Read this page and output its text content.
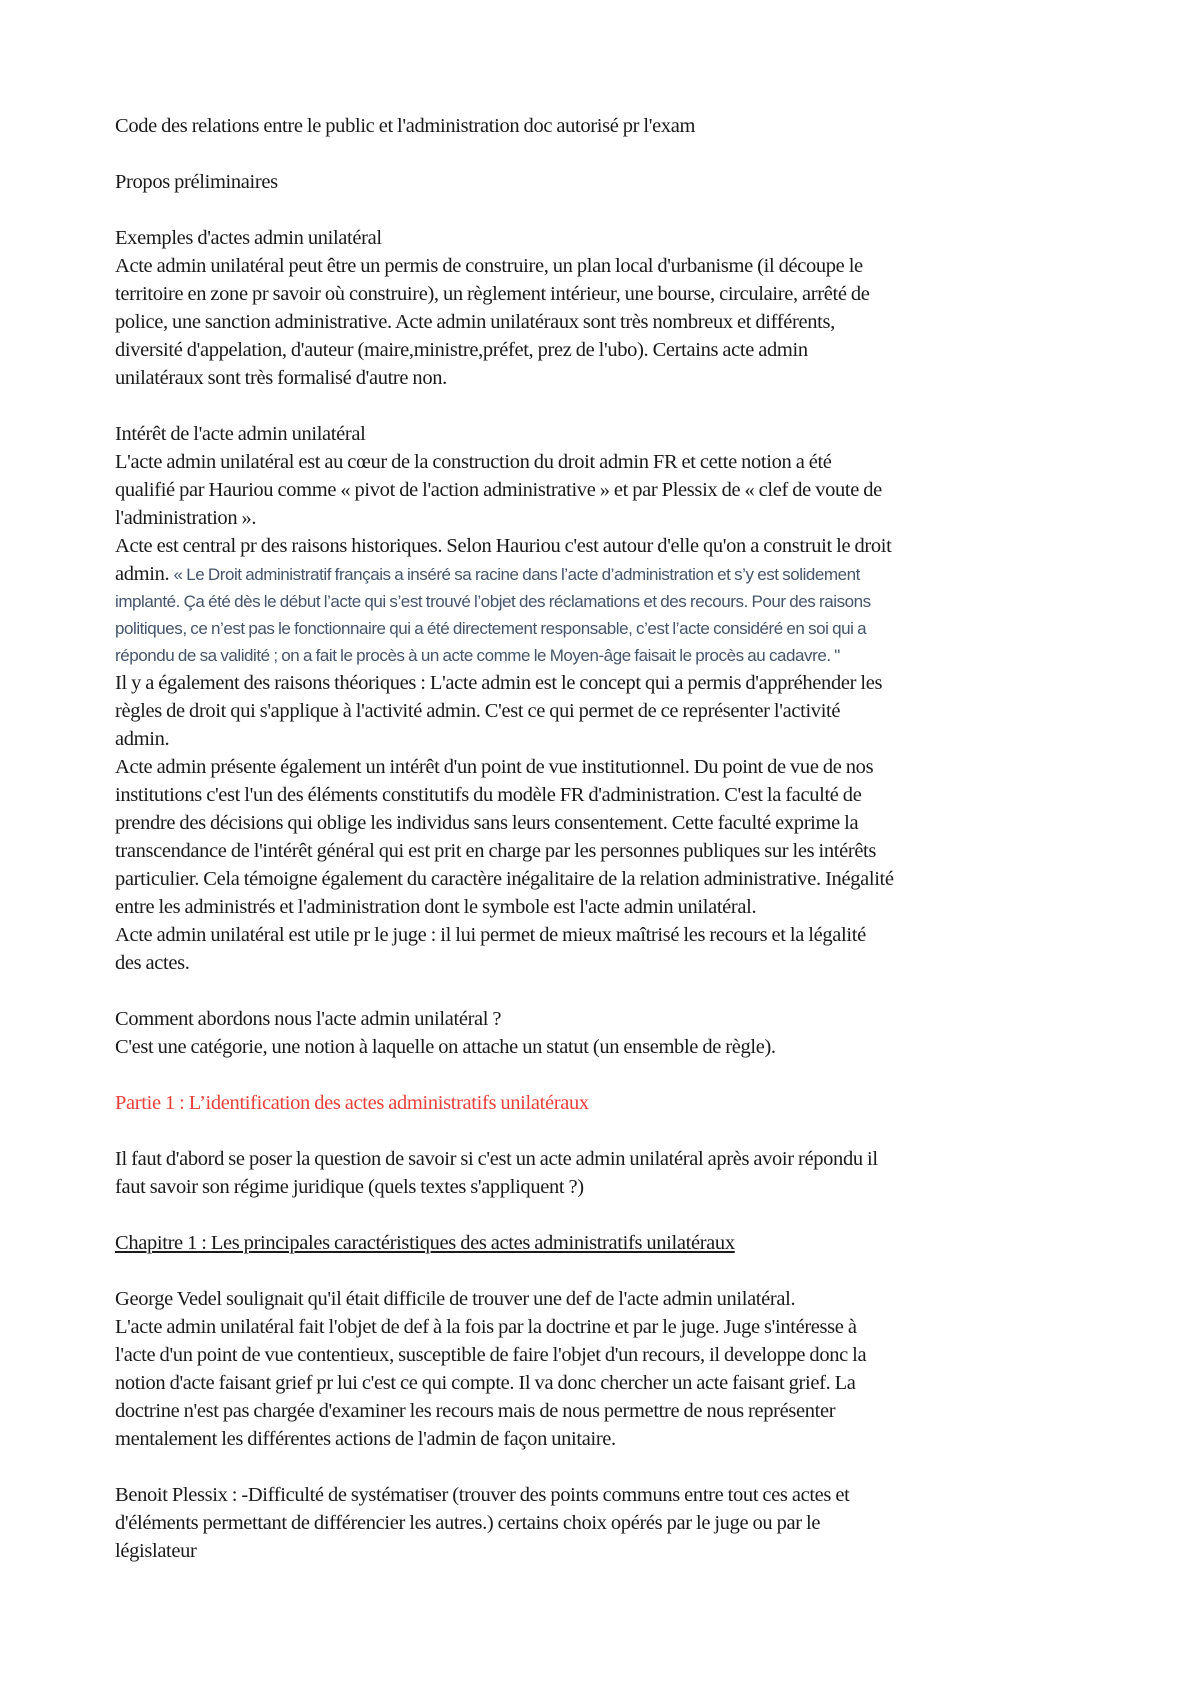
Code des relations entre le public et l'administration doc autorisé pr l'exam
Propos préliminaires
Exemples d'actes admin unilatéral
Acte admin unilatéral peut être un permis de construire, un plan local d'urbanisme (il découpe le
territoire en zone pr savoir où construire), un règlement intérieur, une bourse, circulaire, arrêté de
police, une sanction administrative. Acte admin unilatéraux sont très nombreux et différents,
diversité d'appelation, d'auteur (maire,ministre,préfet, prez de l'ubo). Certains acte admin
unilatéraux sont très formalisé d'autre non.
Intérêt de l'acte admin unilatéral
L'acte admin unilatéral est au cœur de la construction du droit admin FR et cette notion a été
qualifié par Hauriou comme « pivot de l'action administrative » et par Plessix de « clef de voute de
l'administration ».
Acte est central pr des raisons historiques. Selon Hauriou c'est autour d'elle qu'on a construit le droit
admin. « Le Droit administratif français a inséré sa racine dans l’acte d’administration et s’y est solidement
implanté. Ça été dès le début l’acte qui s’est trouvé l’objet des réclamations et des recours. Pour des raisons
politiques, ce n’est pas le fonctionnaire qui a été directement responsable, c’est l’acte considéré en soi qui a
répondu de sa validité ; on a fait le procès à un acte comme le Moyen-âge faisait le procès au cadavre. "
Il y a également des raisons théoriques : L'acte admin est le concept qui a permis d'appréhender les
règles de droit qui s'applique à l'activité admin. C'est ce qui permet de ce représenter l'activité
admin.
Acte admin présente également un intérêt d'un point de vue institutionnel. Du point de vue de nos
institutions c'est l'un des éléments constitutifs du modèle FR d'administration. C'est la faculté de
prendre des décisions qui oblige les individus sans leurs consentement. Cette faculté exprime la
transcendance de l'intérêt général qui est prit en charge par les personnes publiques sur les intérêts
particulier. Cela témoigne également du caractère inégalitaire de la relation administrative. Inégalité
entre les administrés et l'administration dont le symbole est l'acte admin unilatéral.
Acte admin unilatéral est utile pr le juge : il lui permet de mieux maîtrisé les recours et la légalité
des actes.
Comment abordons nous l'acte admin unilatéral ?
C'est une catégorie, une notion à laquelle on attache un statut (un ensemble de règle).
Partie 1 : L’identification des actes administratifs unilatéraux
Il faut d'abord se poser la question de savoir si c'est un acte admin unilatéral après avoir répondu il
faut savoir son régime juridique (quels textes s'appliquent ?)
Chapitre 1 : Les principales caractéristiques des actes administratifs unilatéraux
George Vedel soulignait qu'il était difficile de trouver une def de l'acte admin unilatéral.
L'acte admin unilatéral fait l'objet de def à la fois par la doctrine et par le juge. Juge s'intéresse à
l'acte d'un point de vue contentieux, susceptible de faire l'objet d'un recours, il developpe donc la
notion d'acte faisant grief pr lui c'est ce qui compte. Il va donc chercher un acte faisant grief. La
doctrine n'est pas chargée d'examiner les recours mais de nous permettre de nous représenter
mentalement les différentes actions de l'admin de façon unitaire.
Benoit Plessix : -Difficulté de systématiser (trouver des points communs entre tout ces actes et
d'éléments permettant de différencier les autres.) certains choix opérés par le juge ou par le
législateur
